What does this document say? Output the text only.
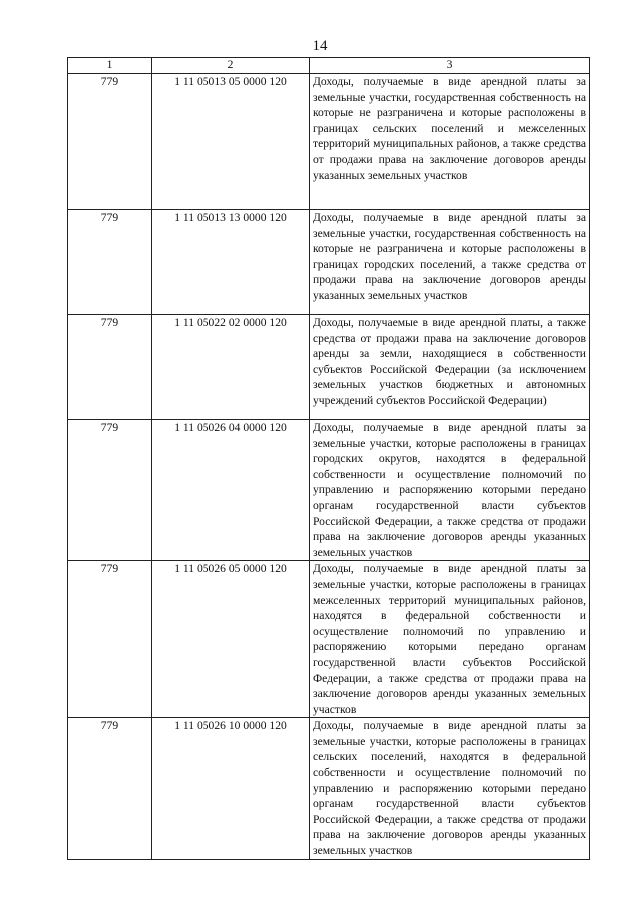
14
1	2	3
779	1 11 05013 05 0000 120	Доходы, получаемые в виде арендной платы за земельные участки, государственная собственность на которые не разграничена и которые расположены в границах сельских поселений и межселенных территорий муниципальных районов, а также средства от продажи права на заключение договоров аренды указанных земельных участков

779	1 11 05013 13 0000 120	Доходы, получаемые в виде арендной платы за земельные участки, государственная собственность на которые не разграничена и которые расположены в границах городских поселений, а также средства от продажи права на заключение договоров аренды указанных земельных участков

779	1 11 05022 02 0000 120	Доходы, получаемые в виде арендной платы, а также средства от продажи права на заключение договоров аренды за земли, находящиеся в собственности субъектов Российской Федерации (за исключением земельных участков бюджетных и автономных учреждений субъектов Российской Федерации)

779	1 11 05026 04 0000 120	Доходы, получаемые в виде арендной платы за земельные участки, которые расположены в границах городских округов, находятся в федеральной собственности и осуществление полномочий по управлению и распоряжению которыми передано органам государственной власти субъектов Российской Федерации, а также средства от продажи права на заключение договоров аренды указанных земельных участков

779	1 11 05026 05 0000 120	Доходы, получаемые в виде арендной платы за земельные участки, которые расположены в границах межселенных территорий муниципальных районов, находятся в федеральной собственности и осуществление полномочий по управлению и распоряжению которыми передано органам государственной власти субъектов Российской Федерации, а также средства от продажи права на заключение договоров аренды указанных земельных участков

779	1 11 05026 10 0000 120	Доходы, получаемые в виде арендной платы за земельные участки, которые расположены в границах сельских поселений, находятся в федеральной собственности и осуществление полномочий по управлению и распоряжению которыми передано органам государственной власти субъектов Российской Федерации, а также средства от продажи права на заключение договоров аренды указанных земельных участков
